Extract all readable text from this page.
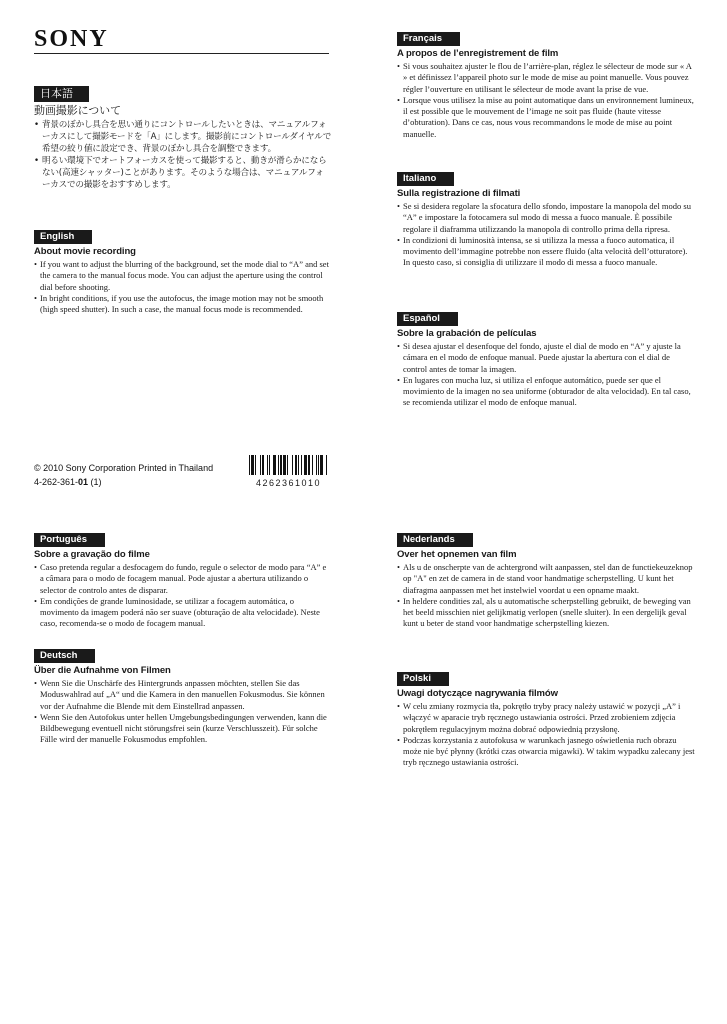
SONY
日本語
動画撮影について
• 背景のぼかし具合を思い通りにコントロールしたいときは、マニュアルフォーカスにして撮影モードを「A」にします。撮影前にコントロールダイヤルで希望の絞り値に設定でき、背景のぼかし具合を調整できます。
• 明るい環境下でオートフォーカスを使って撮影すると、動きが滑らかにならない(高速シャッター)ことがあります。そのような場合は、マニュアルフォーカスでの撮影をおすすめします。
English
About movie recording
• If you want to adjust the blurring of the background, set the mode dial to “A” and set the camera to the manual focus mode. You can adjust the aperture using the control dial before shooting.
• In bright conditions, if you use the autofocus, the image motion may not be smooth (high speed shutter). In such a case, the manual focus mode is recommended.
Français
A propos de l’enregistrement de film
• Si vous souhaitez ajuster le flou de l’arrière-plan, réglez le sélecteur de mode sur « A » et définissez l’appareil photo sur le mode de mise au point manuelle. Vous pouvez régler l’ouverture en utilisant le sélecteur de mode avant la prise de vue.
• Lorsque vous utilisez la mise au point automatique dans un environnement lumineux, il est possible que le mouvement de l’image ne soit pas fluide (haute vitesse d’obturation). Dans ce cas, nous vous recommandons le mode de mise au point manuelle.
Italiano
Sulla registrazione di filmati
• Se si desidera regolare la sfocatura dello sfondo, impostare la manopola del modo su “A” e impostare la fotocamera sul modo di messa a fuoco manuale. È possibile regolare il diaframma utilizzando la manopola di controllo prima della ripresa.
• In condizioni di luminosità intensa, se si utilizza la messa a fuoco automatica, il movimento dell’immagine potrebbe non essere fluido (alta velocità dell’otturatore). In questo caso, si consiglia di utilizzare il modo di messa a fuoco manuale.
Español
Sobre la grabación de películas
• Si desea ajustar el desenfoque del fondo, ajuste el dial de modo en “A” y ajuste la cámara en el modo de enfoque manual. Puede ajustar la abertura con el dial de control antes de tomar la imagen.
• En lugares con mucha luz, si utiliza el enfoque automático, puede ser que el movimiento de la imagen no sea uniforme (obturador de alta velocidad). En tal caso, se recomienda utilizar el modo de enfoque manual.
© 2010 Sony Corporation Printed in Thailand
4-262-361-01 (1)	4262361010
Português
Sobre a gravação do filme
• Caso pretenda regular a desfocagem do fundo, regule o selector de modo para “A” e a câmara para o modo de focagem manual. Pode ajustar a abertura utilizando o selector de controlo antes de disparar.
• Em condições de grande luminosidade, se utilizar a focagem automática, o movimento da imagem poderá não ser suave (obturação de alta velocidade). Neste caso, recomenda-se o modo de focagem manual.
Deutsch
Über die Aufnahme von Filmen
• Wenn Sie die Unschärfe des Hintergrunds anpassen möchten, stellen Sie das Moduswahlrad auf „A“ und die Kamera in den manuellen Fokusmodus. Sie können vor der Aufnahme die Blende mit dem Einstellrad anpassen.
• Wenn Sie den Autofokus unter hellen Umgebungsbedingungen verwenden, kann die Bildbewegung eventuell nicht störungsfrei sein (kurze Verschlusszeit). Für solche Fälle wird der manuelle Fokusmodus empfohlen.
Nederlands
Over het opnemen van film
• Als u de onscherpte van de achtergrond wilt aanpassen, stel dan de functiekeuzeknop op "A" en zet de camera in de stand voor handmatige scherpstelling. U kunt het diafragma aanpassen met het instelwiel voordat u een opname maakt.
• In heldere condities zal, als u automatische scherpstelling gebruikt, de beweging van het beeld misschien niet gelijkmatig verlopen (snelle sluiter). In een dergelijk geval kunt u beter de stand voor handmatige scherpstelling kiezen.
Polski
Uwagi dotyczące nagrywania filmów
• W celu zmiany rozmycia tła, pokrętło tryby pracy należy ustawić w pozycji „A” i włączyć w aparacie tryb ręcznego ustawiania ostrości. Przed zrobieniem zdjęcia pokrętłem regulacyjnym można dobrać odpowiednią przysłonę.
• Podczas korzystania z autofokusa w warunkach jasnego oświetlenia ruch obrazu może nie być płynny (krótki czas otwarcia migawki). W takim wypadku zalecany jest tryb ręcznego ustawiania ostrości.
